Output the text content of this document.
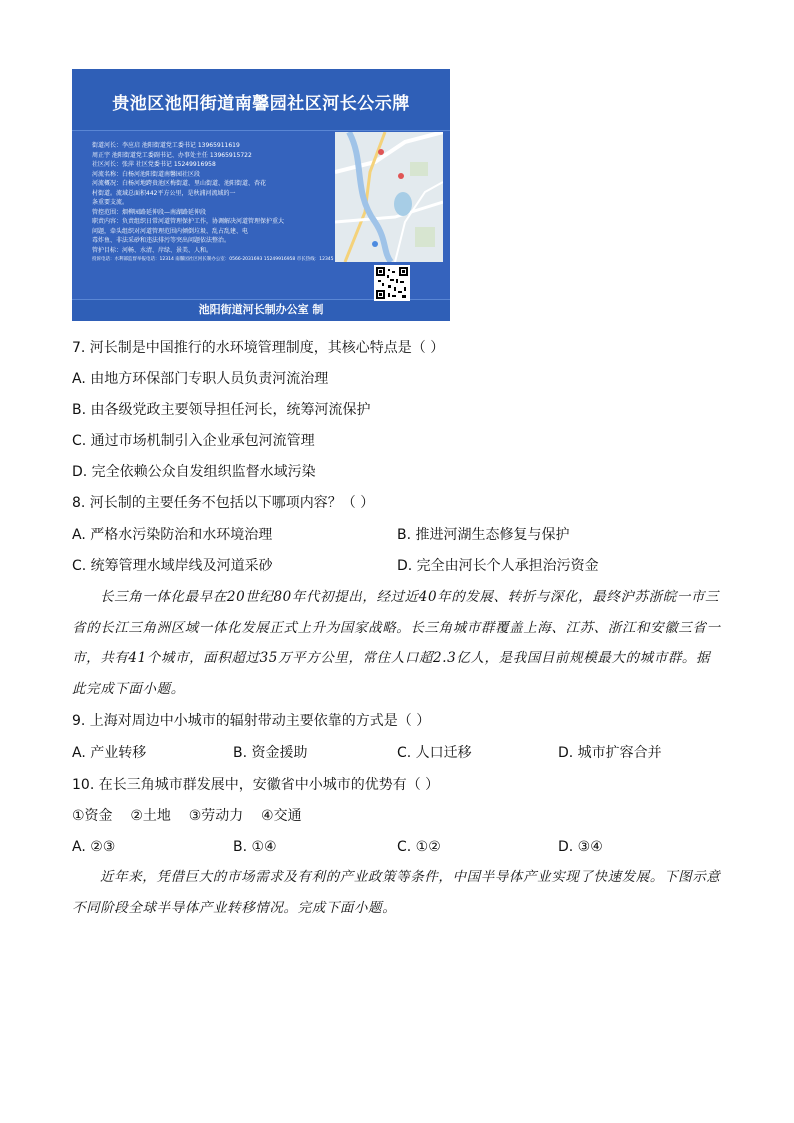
贵池区池阳街道南馨园社区河长公示牌
街道河长：李应启 池阳街道党工委书记 13965911619
周正宇 池阳街道党工委副书记、办事处主任 13965915722
社区河长：张萍 社区党委书记 15249916958
河流名称：白杨河池阳街道南馨园社区段
河流概况：白杨河地跨贵池区梅街道、里山街道、池阳街道、杏花
村街道。流域总面积442平方公里，是秋浦河流域的一
条重要支流。
管控范围：烟柳园路延伸段—南湖路延伸段
职责内容：负责组织日常河道管理保护工作，协调解决河道管理保护重大
问题，牵头组织对河道管理范围内倾倒垃圾、乱占乱建、电
毒炸鱼、非法采砂和违法排污等突出问题依法整治。
管护目标：河畅、水清、岸绿、景美、人和。
投诉电话：水利部监督举报电话：12314 南馨园社区河长制办公室：0566-2031693 15249916958 市长热线：12345
池阳街道河长制办公室 制
7. 河长制是中国推行的水环境管理制度，其核心特点是（ ）
A. 由地方环保部门专职人员负责河流治理
B. 由各级党政主要领导担任河长，统筹河流保护
C. 通过市场机制引入企业承包河流管理
D. 完全依赖公众自发组织监督水域污染
8. 河长制的主要任务不包括以下哪项内容？（ ）
A. 严格水污染防治和水环境治理	B. 推进河湖生态修复与保护
C. 统筹管理水域岸线及河道采砂	D. 完全由河长个人承担治污资金
长三角一体化最早在20世纪80年代初提出，经过近40年的发展、转折与深化，最终沪苏浙皖一市三省的长江三角洲区域一体化发展正式上升为国家战略。长三角城市群覆盖上海、江苏、浙江和安徽三省一市，共有41个城市，面积超过35万平方公里，常住人口超2.3亿人，是我国目前规模最大的城市群。据此完成下面小题。
9. 上海对周边中小城市的辐射带动主要依靠的方式是（ ）
A. 产业转移	B. 资金援助	C. 人口迁移	D. 城市扩容合并
10. 在长三角城市群发展中，安徽省中小城市的优势有（ ）
①资金    ②土地    ③劳动力    ④交通
A. ②③	B. ①④	C. ①②	D. ③④
近年来，凭借巨大的市场需求及有利的产业政策等条件，中国半导体产业实现了快速发展。下图示意不同阶段全球半导体产业转移情况。完成下面小题。
